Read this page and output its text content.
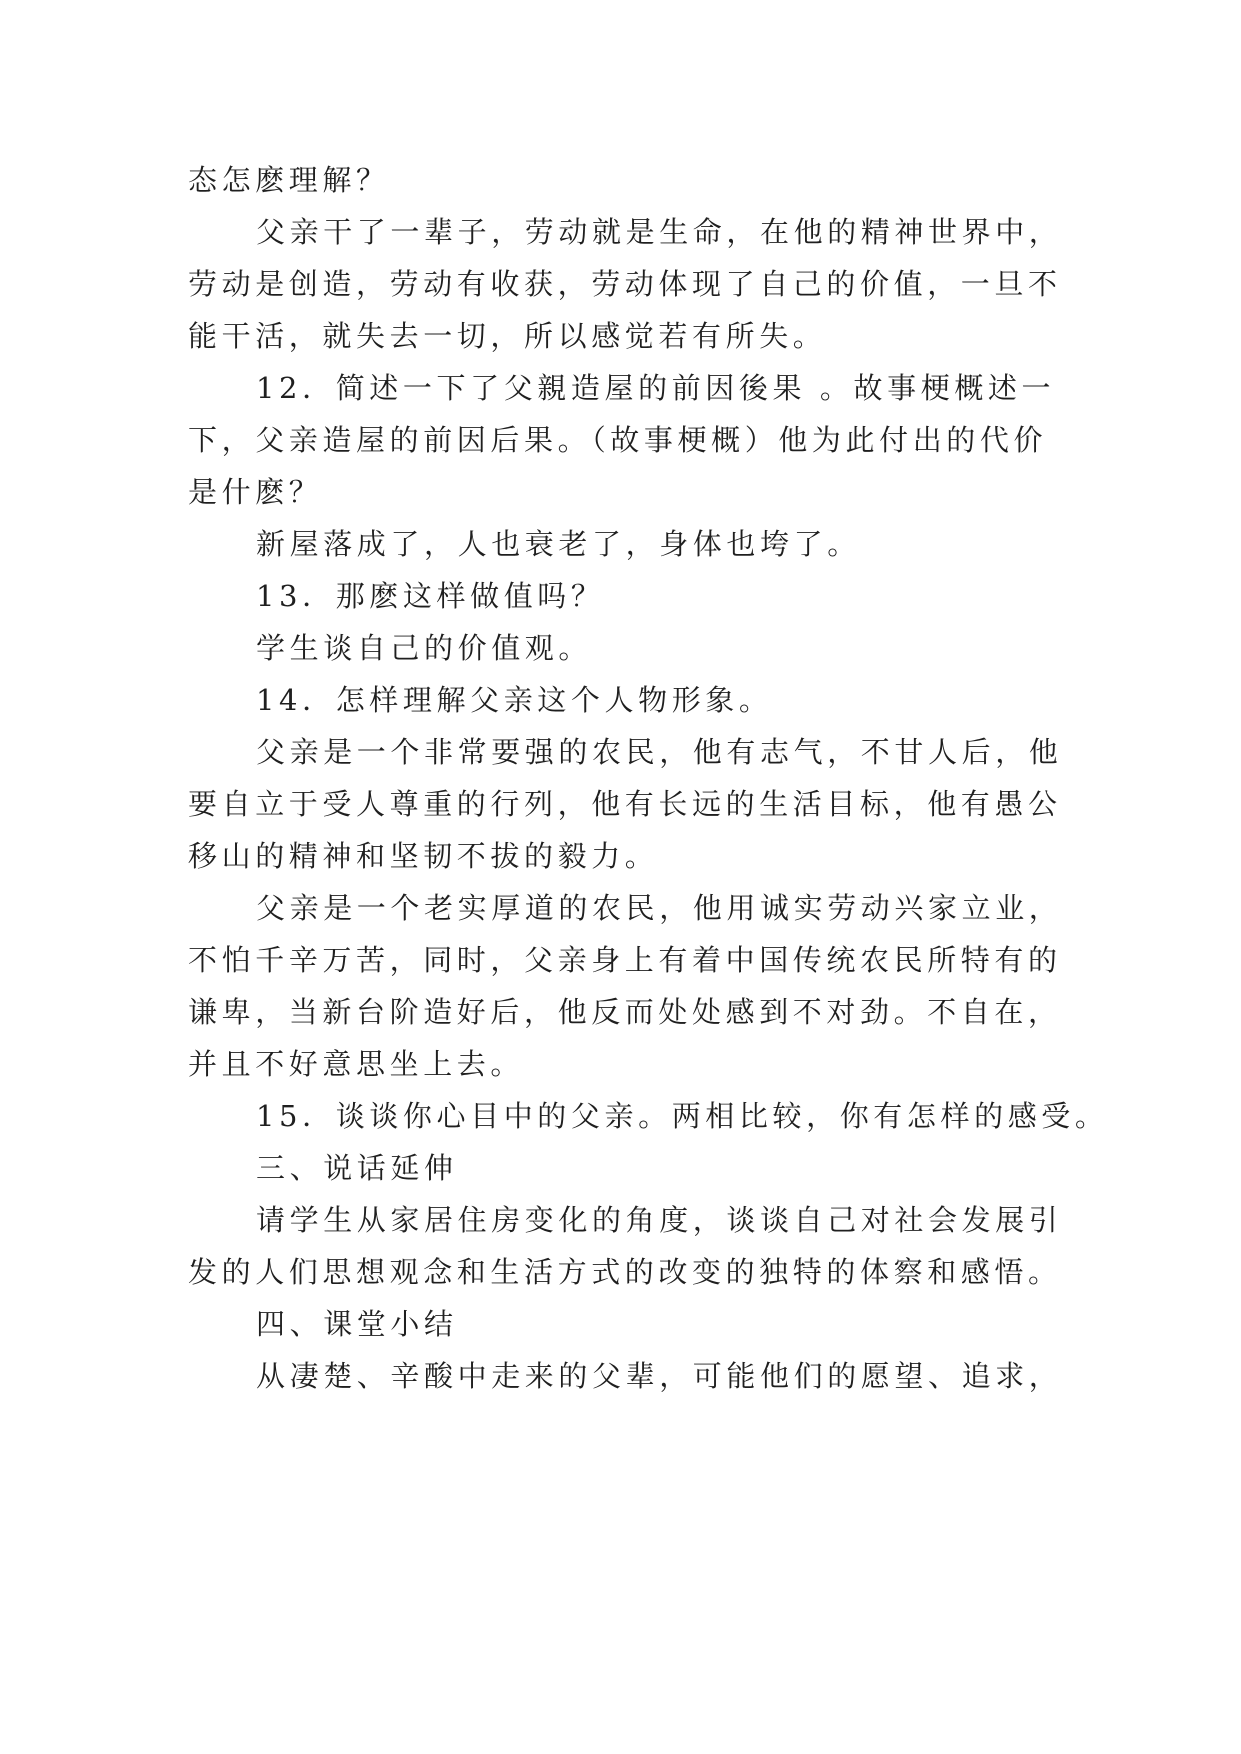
态怎麽理解？
父亲干了一辈子，劳动就是生命，在他的精神世界中，
劳动是创造，劳动有收获，劳动体现了自己的价值，一旦不
能干活，就失去一切，所以感觉若有所失。
12．简述一下了父親造屋的前因後果 。故事梗概述一
下，父亲造屋的前因后果。（故事梗概）他为此付出的代价
是什麽？
新屋落成了，人也衰老了，身体也垮了。
13．那麽这样做值吗？
学生谈自己的价值观。
14．怎样理解父亲这个人物形象。
父亲是一个非常要强的农民，他有志气，不甘人后，他
要自立于受人尊重的行列，他有长远的生活目标，他有愚公
移山的精神和坚韧不拔的毅力。
父亲是一个老实厚道的农民，他用诚实劳动兴家立业，
不怕千辛万苦，同时，父亲身上有着中国传统农民所特有的
谦卑，当新台阶造好后，他反而处处感到不对劲。不自在，
并且不好意思坐上去。
15．谈谈你心目中的父亲。两相比较，你有怎样的感受。
三、说话延伸
请学生从家居住房变化的角度，谈谈自己对社会发展引
发的人们思想观念和生活方式的改变的独特的体察和感悟。
四、课堂小结
从凄楚、辛酸中走来的父辈，可能他们的愿望、追求，
